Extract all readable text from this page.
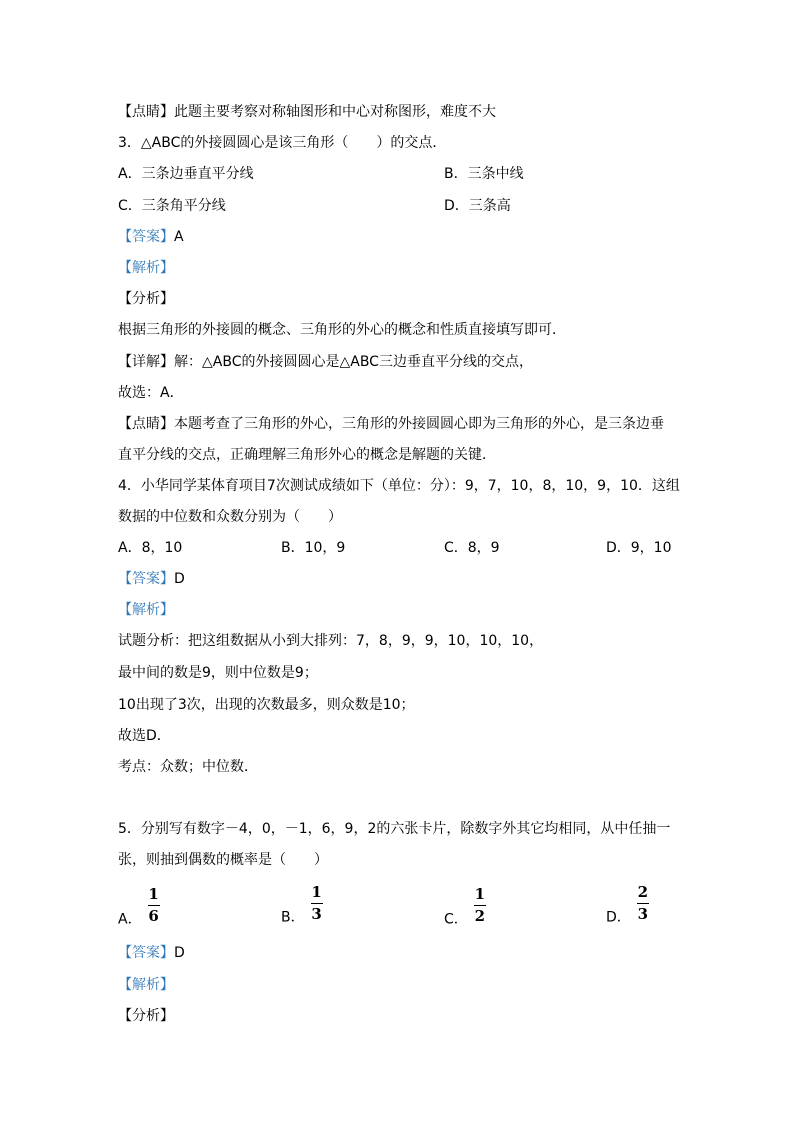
【点睛】此题主要考察对称轴图形和中心对称图形，难度不大
3．△ABC的外接圆圆心是该三角形（　　）的交点．
A．三条边垂直平分线	B．三条中线
C．三条角平分线	D．三条高
【答案】A
【解析】
【分析】
根据三角形的外接圆的概念、三角形的外心的概念和性质直接填写即可．
【详解】解：△ABC的外接圆圆心是△ABC三边垂直平分线的交点，
故选：A．
【点睛】本题考查了三角形的外心，三角形的外接圆圆心即为三角形的外心，是三条边垂
直平分线的交点，正确理解三角形外心的概念是解题的关键．
4．小华同学某体育项目7次测试成绩如下（单位：分）：9，7，10，8，10，9，10．这组
数据的中位数和众数分别为（　　）
A．8，10	B．10，9	C．8，9	D．9，10
【答案】D
【解析】
试题分析：把这组数据从小到大排列：7，8，9，9，10，10，10，
最中间的数是9，则中位数是9；
10出现了3次，出现的次数最多，则众数是10；
故选D．
考点：众数；中位数．
5．分别写有数字－4，0，－1，6，9，2的六张卡片，除数字外其它均相同，从中任抽一
张，则抽到偶数的概率是（　　）
A． $\frac{1}{6}$	B． $\frac{1}{3}$	C． $\frac{1}{2}$	D． $\frac{2}{3}$
【答案】D
【解析】
【分析】
